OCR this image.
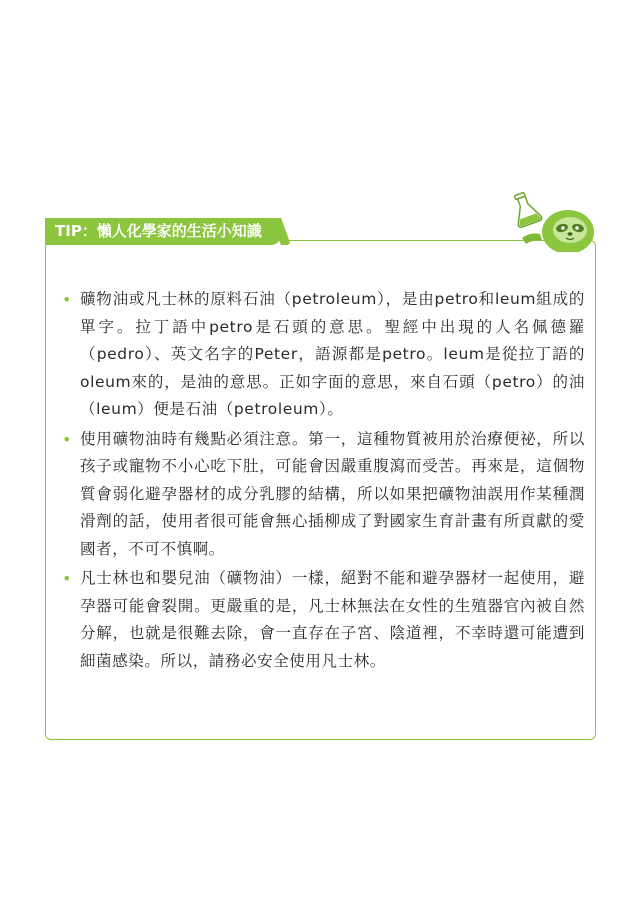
TIP：懶人化學家的生活小知識
• 礦物油或凡士林的原料石油（petroleum），是由petro和leum組成的單字。拉丁語中petro是石頭的意思。聖經中出現的人名佩德羅（pedro）、英文名字的Peter，語源都是petro。leum是從拉丁語的oleum來的，是油的意思。正如字面的意思，來自石頭（petro）的油（leum）便是石油（petroleum）。
• 使用礦物油時有幾點必須注意。第一，這種物質被用於治療便祕，所以孩子或寵物不小心吃下肚，可能會因嚴重腹瀉而受苦。再來是，這個物質會弱化避孕器材的成分乳膠的結構，所以如果把礦物油誤用作某種潤滑劑的話，使用者很可能會無心插柳成了對國家生育計畫有所貢獻的愛國者，不可不慎啊。
• 凡士林也和嬰兒油（礦物油）一樣，絕對不能和避孕器材一起使用，避孕器可能會裂開。更嚴重的是，凡士林無法在女性的生殖器官內被自然分解，也就是很難去除，會一直存在子宮、陰道裡，不幸時還可能遭到細菌感染。所以，請務必安全使用凡士林。
